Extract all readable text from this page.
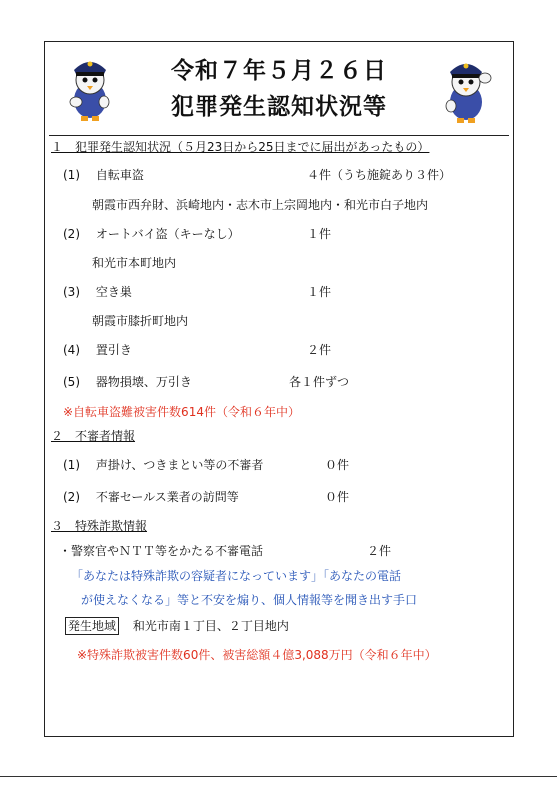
令和７年５月２６日
犯罪発生認知状況等
１　犯罪発生認知状況（５月23日から25日までに届出があったもの）
(1) 自転車盗	４件（うち施錠あり３件）
朝霞市西弁財、浜崎地内・志木市上宗岡地内・和光市白子地内
(2) オートバイ盗（キーなし）	１件
和光市本町地内
(3) 空き巣	１件
朝霞市膝折町地内
(4) 置引き	２件
(5) 器物損壊、万引き	各１件ずつ
※自転車盗難被害件数614件（令和６年中）
２　不審者情報
(1) 声掛け、つきまとい等の不審者	０件
(2) 不審セールス業者の訪問等	０件
３　特殊詐欺情報
・警察官やＮＴＴ等をかたる不審電話	２件
「あなたは特殊詐欺の容疑者になっています」「あなたの電話
が使えなくなる」等と不安を煽り、個人情報等を聞き出す手口
発生地域 和光市南１丁目、２丁目地内
※特殊詐欺被害件数60件、被害総額４億3,088万円（令和６年中）
